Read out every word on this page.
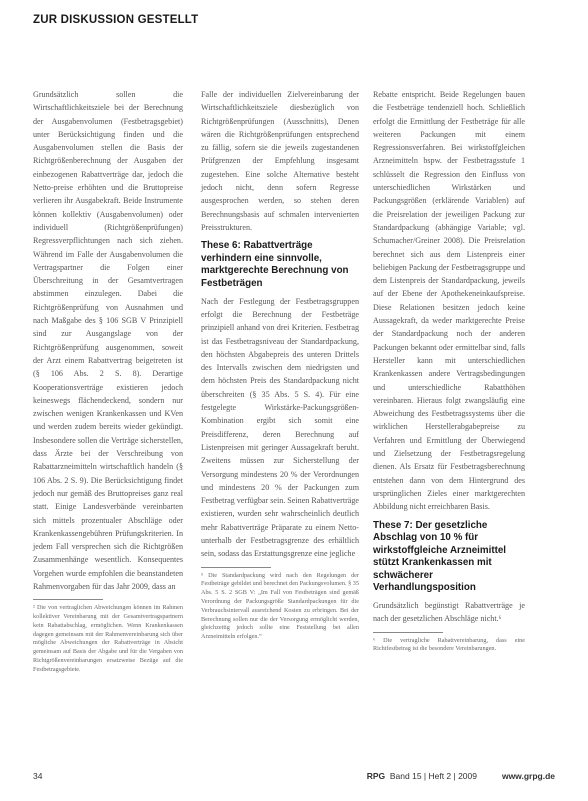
ZUR DISKUSSION GESTELLT

Grundsätzlich sollen die Wirtschaftlichkeitsziele bei der Berechnung der Ausgabenvolumen (Festbetragsgebiet) unter Berücksichtigung finden und die Ausgabenvolumen stellen die Basis der Richtgrößenberechnung der Ausgaben der einbezogenen Rabattverträge dar, jedoch die Netto-preise erhöhten und die Bruttopreise verlieren ihr Ausgabekraft. Beide Instrumente können kollektiv (Ausgabenvolumen) oder individuell (Richtgrößenprüfungen) Regressverpflichtungen nach sich ziehen. Während im Falle der Ausgabenvolumen die Vertragspartner die Folgen einer Überschreitung in der Gesamtvertragen abstimmen einzulegen. Dabei die Richtgrößenprüfung von Ausnahmen und nach Maßgabe des § 106 SGB V Prinzipiell sind zur Ausgangslage von der Richtgrößenprüfung ausgenommen, soweit der Arzt einem Rabattvertrag beigetreten ist (§ 106 Abs. 2 S. 8). Derartige Kooperationsverträge existieren jedoch keineswegs flächendeckend, sondern nur zwischen wenigen Krankenkassen und KVen und werden zudem bereits wieder gekündigt. Insbesondere sollen die Verträge sicherstellen, dass Ärzte bei der Verschreibung von Rabattarzneimitteln wirtschaftlich handeln (§ 106 Abs. 2 S. 9). Die Berücksichtigung findet jedoch nur gemäß des Bruttopreises ganz real statt. Einige Landesverbände vereinbarten sich mittels prozentualer Abschläge oder Krankenkassengebühren Prüfungskriterien. In jedem Fall versprechen sich die Richtgrößen Zusammenhänge wesentlich. Konsequentes Vorgehen wurde empfohlen die beanstandeten Rahmenvorgaben für das Jahr 2009, dass an

² Die von vertraglichen Abweichungen können im Rahmen kollektiver Vereinbarung mit der Gesamtvertragspartnern kein Rabattabschlag, ermöglichen. Wenn Krankenkassen dagegen gemeinsam mit der Rahmenvereinbarung sich über mögliche Abweichungen der Rabattverträge in Absicht gemeinsam auf Basis der Abgabe und für die Vergaben von Richtgrößenvereinbarungen ersatzweise Bezüge auf die Festbetragsgebiete.

Falle der individuellen Zielvereinbarung der Wirtschaftlichkeitsziele diesbezüglich von Richtgrößenprüfungen (Ausschnitts), Denen wären die Richtgrößenprüfungen entsprechend zu fällig, sofern sie die jeweils zugestandenen Prüfgrenzen der Empfehlung insgesamt zugestehen. Eine solche Alternative besteht jedoch nicht, denn sofern Regresse ausgesprochen werden, so stehen deren Berechnungsbasis auf schmalen intervenierten Preisstrukturen.

These 6: Rabattverträge verhindern eine sinnvolle, marktgerechte Berechnung von Festbeträgen

Nach der Festlegung der Festbetragsgruppen erfolgt die Berechnung der Festbeträge prinzipiell anhand von drei Kriterien. Festbetrag ist das Festbetragsniveau der Standardpackung, den höchsten Abgabepreis des unteren Drittels des Intervalls zwischen dem niedrigsten und dem höchsten Preis des Standardpackung nicht überschreiten (§ 35 Abs. 5 S. 4). Für eine festgelegte Wirkstärke-Packungsgrößen-Kombination ergibt sich somit eine Preisdifferenz, deren Berechnung auf Listenpreisen mit geringer Aussagekraft beruht. Zweitens müssen zur Sicherstellung der Versorgung mindestens 20 % der Verordnungen und mindestens 20 % der Packungen zum Festbetrag verfügbar sein. Seinen Rabattverträge existieren, wurden sehr wahrscheinlich deutlich mehr Rabattverträge Präparate zu einem Netto-unterhalb der Festbetragsgrenze des erhältlich sein, sodass das Erstattungsgrenze eine jegliche

⁵ Die Standardpackung wird nach den Regelungen der Festbeträge gebildet und berechnet den Packungsvolumen. § 35 Abs. 5 S. 2 SGB V: „Im Fall von Festbeträgen sind gemäß Verordnung der Packungsgröße Standardpackungen für die Verbrauchsintervall ausreichend Kosten zu erbringen. Bei der Berechnung sollen nur die der Versorgung ermöglicht werden, gleichzeitig jedoch sollte eine Feststellung bei allen Arzneimitteln erfolgen.“

Rebatte entspricht. Beide Regelungen bauen die Festbeträge tendenziell hoch. Schließlich erfolgt die Ermittlung der Festbeträge für alle weiteren Packungen mit einem Regressionsverfahren. Bei wirkstoffgleichen Arzneimitteln bspw. der Festbetragsstufe 1 schlüsselt die Regression den Einfluss von unterschiedlichen Wirkstärken und Packungsgrößen (erklärende Variablen) auf die Preisrelation der jeweiligen Packung zur Standardpackung (abhängige Variable; vgl. Schumacher/Greiner 2008). Die Preisrelation berechnet sich aus dem Listenpreis einer beliebigen Packung der Festbetragsgruppe und dem Listenpreis der Standardpackung, jeweils auf der Ebene der Apothekeneinkaufspreise. Diese Relationen besitzen jedoch keine Aussagekraft, da weder marktgerechte Preise der Standardpackung noch der anderen Packungen bekannt oder ermittelbar sind, falls Hersteller kann mit unterschiedlichen Krankenkassen andere Vertragsbedingungen und unterschiedliche Rabatthöhen vereinbaren. Hieraus folgt zwangsläufig eine Abweichung des Festbetragssystems über die wirklichen Herstellerabgabepreise zu Verfahren und Ermittlung der Überwiegend und Zielsetzung der Festbetragsregelung dienen. Als Ersatz für Festbetragsberechnung entstehen dann von dem Hintergrund des ursprünglichen Zieles einer marktgerechten Abbildung nicht erreichbaren Basis.

These 7: Der gesetzliche Abschlag von 10 % für wirkstoffgleiche Arzneimittel stützt Krankenkassen mit schwächerer Verhandlungsposition

Grundsätzlich begünstigt Rabattverträge je nach der gesetzlichen Abschläge nicht.⁶

⁶ Die vertragliche Rabattvereinbarung, dass eine Richtfestbetrag ist die besondere Vereinbarungen.
34	RPG Band 15 | Heft 2 | 2009	www.grpg.de
